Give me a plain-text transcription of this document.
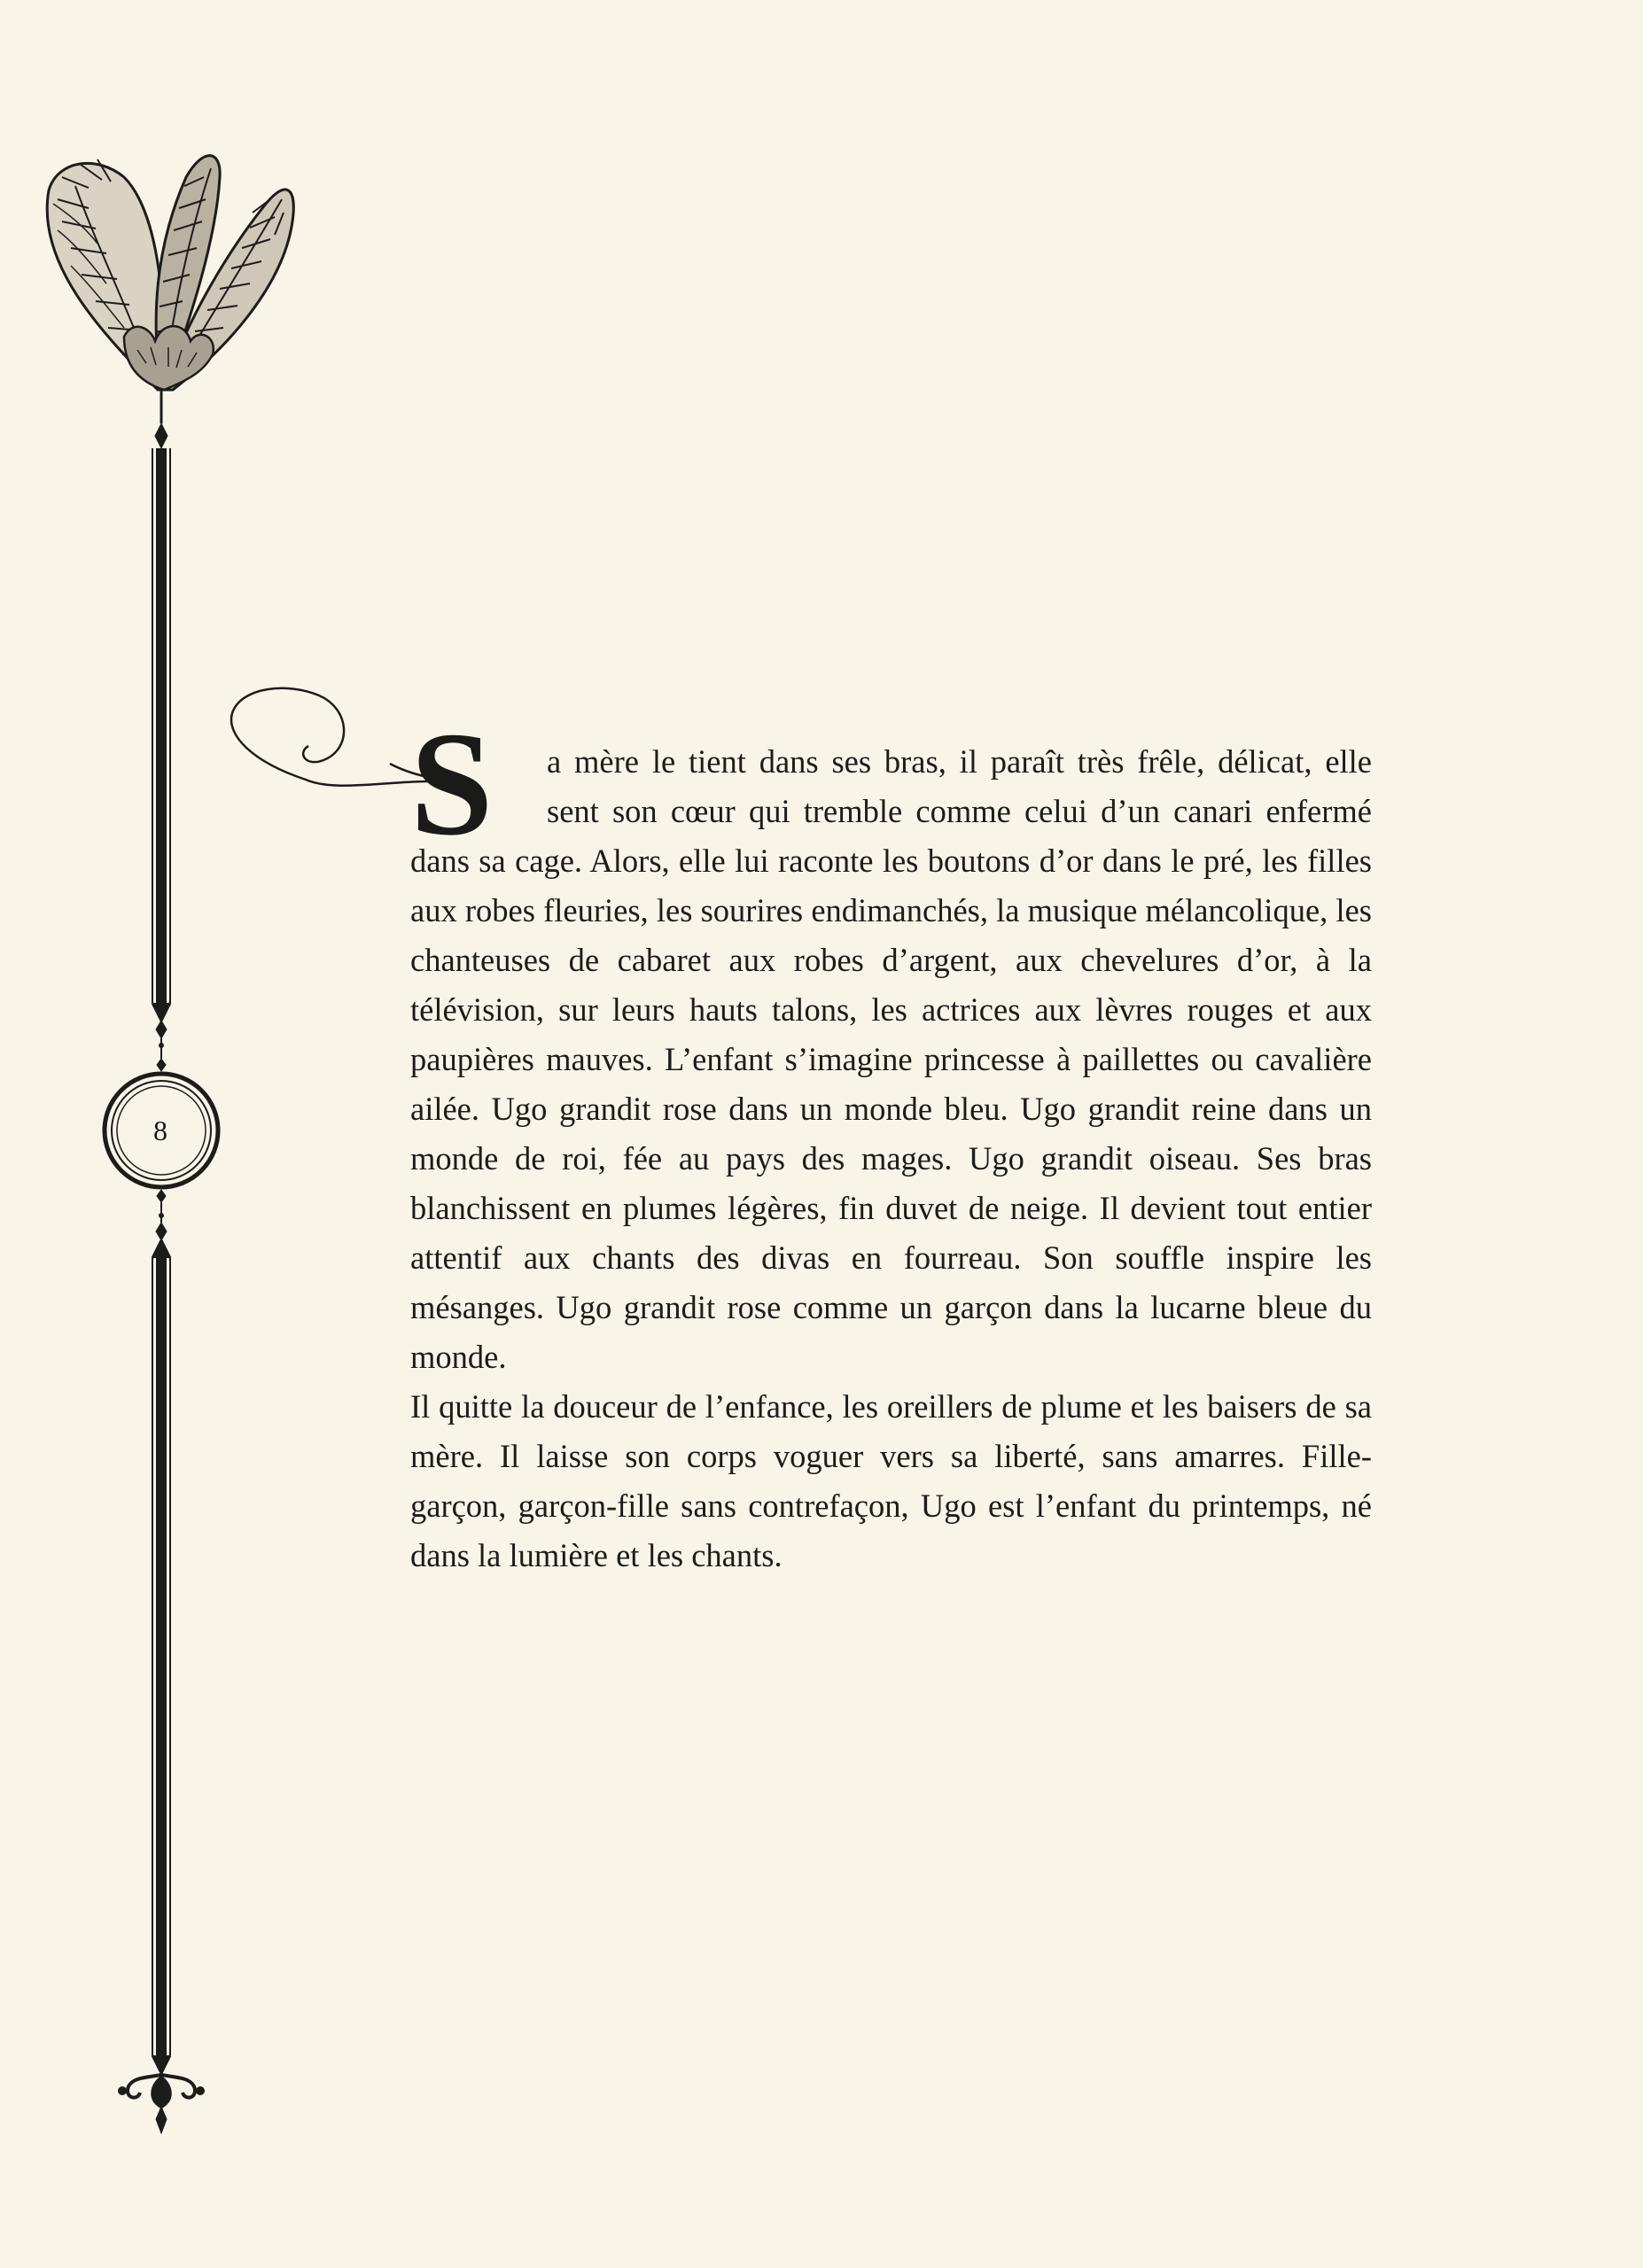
8
S	a mère le tient dans ses bras, il paraît très frêle, délicat, elle
sent son cœur qui tremble comme celui d’un canari enfermé
dans sa cage. Alors, elle lui raconte les boutons d’or dans le pré, les filles aux robes fleuries, les sourires endimanchés, la musique mélancolique, les chanteuses de cabaret aux robes d’argent, aux chevelures d’or, à la télévision, sur leurs hauts talons, les actrices aux lèvres rouges et aux paupières mauves. L’enfant s’imagine princesse à paillettes ou cavalière ailée. Ugo grandit rose dans un monde bleu. Ugo grandit reine dans un monde de roi, fée au pays des mages. Ugo grandit oiseau. Ses bras blanchissent en plumes légères, fin duvet de neige. Il devient tout entier attentif aux chants des divas en fourreau. Son souffle inspire les mésanges. Ugo grandit rose comme un garçon dans la lucarne bleue du monde.

Il quitte la douceur de l’enfance, les oreillers de plume et les baisers de sa mère. Il laisse son corps voguer vers sa liberté, sans amarres. Fille-garçon, garçon-fille sans contrefaçon, Ugo est l’enfant du printemps, né dans la lumière et les chants.
